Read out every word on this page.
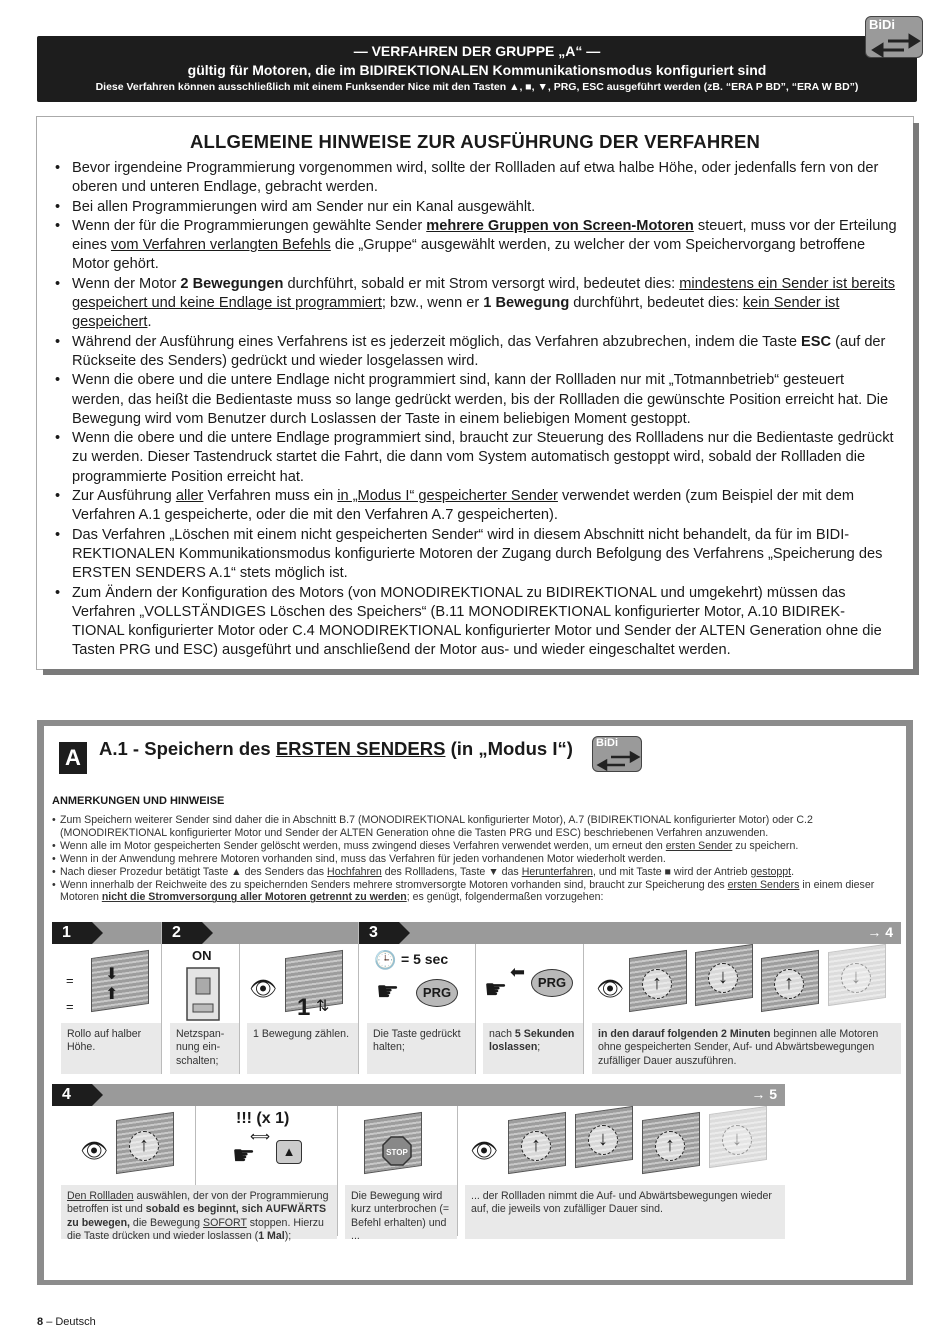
— VERFAHREN DER GRUPPE „A“ —
gültig für Motoren, die im BIDIREKTIONALEN Kommunikationsmodus konfiguriert sind
Diese Verfahren können ausschließlich mit einem Funksender Nice mit den Tasten ▲, ■, ▼, PRG, ESC ausgeführt werden (zB. “ERA P BD”, “ERA W BD”)
BiDi
ALLGEMEINE HINWEISE ZUR AUSFÜHRUNG DER VERFAHREN
• Bevor irgendeine Programmierung vorgenommen wird, sollte der Rollladen auf etwa halbe Höhe, oder jedenfalls fern von der oberen und unteren Endlage, gebracht werden.
• Bei allen Programmierungen wird am Sender nur ein Kanal ausgewählt.
• Wenn der für die Programmierungen gewählte Sender mehrere Gruppen von Screen-Motoren steuert, muss vor der Erteilung eines vom Verfahren verlangten Befehls die „Gruppe“ ausgewählt werden, zu welcher der vom Speichervorgang betroffene Motor gehört.
• Wenn der Motor 2 Bewegungen durchführt, sobald er mit Strom versorgt wird, bedeutet dies: mindestens ein Sender ist bereits gespeichert und keine Endlage ist programmiert; bzw., wenn er 1 Bewegung durchführt, bedeutet dies: kein Sender ist gespeichert.
• Während der Ausführung eines Verfahrens ist es jederzeit möglich, das Verfahren abzubrechen, indem die Taste ESC (auf der Rückseite des Senders) gedrückt und wieder losgelassen wird.
• Wenn die obere und die untere Endlage nicht programmiert sind, kann der Rollladen nur mit „Totmannbetrieb“ gesteuert werden, das heißt die Bedientaste muss so lange gedrückt werden, bis der Rollladen die gewünschte Position erreicht hat. Die Bewegung wird vom Benutzer durch Loslassen der Taste in einem beliebigen Moment gestoppt.
• Wenn die obere und die untere Endlage programmiert sind, braucht zur Steuerung des Rollladens nur die Bedientaste gedrückt zu werden. Dieser Tastendruck startet die Fahrt, die dann vom System automatisch gestoppt wird, sobald der Rollladen die programmierte Position erreicht hat.
• Zur Ausführung aller Verfahren muss ein in „Modus I“ gespeicherter Sender verwendet werden (zum Beispiel der mit dem Verfahren A.1 gespeicherte, oder die mit den Verfahren A.7 gespeicherten).
• Das Verfahren „Löschen mit einem nicht gespeicherten Sender“ wird in diesem Abschnitt nicht behandelt, da für im BIDI-REKTIONALEN Kommunikationsmodus konfigurierte Motoren der Zugang durch Befolgung des Verfahrens „Speicherung des ERSTEN SENDERS A.1“ stets möglich ist.
• Zum Ändern der Konfiguration des Motors (von MONODIREKTIONAL zu BIDIREKTIONAL und umgekehrt) müssen das Verfahren „VOLLSTÄNDIGES Löschen des Speichers“ (B.11 MONODIREKTIONAL konfigurierter Motor, A.10 BIDIREK-TIONAL konfigurierter Motor oder C.4 MONODIREKTIONAL konfigurierter Motor und Sender der ALTEN Generation ohne die Tasten PRG und ESC) ausgeführt und anschließend der Motor aus- und wieder eingeschaltet werden.
A A.1 - Speichern des ERSTEN SENDERS (in „Modus I“) BiDi
ANMERKUNGEN UND HINWEISE
• Zum Speichern weiterer Sender sind daher die in Abschnitt B.7 (MONODIREKTIONAL konfigurierter Motor), A.7 (BIDIREKTIONAL konfigurierter Motor) oder C.2 (MONODIREKTIONAL konfigurierter Motor und Sender der ALTEN Generation ohne die Tasten PRG und ESC) beschriebenen Verfahren anzuwenden.
• Wenn alle im Motor gespeicherten Sender gelöscht werden, muss zwingend dieses Verfahren verwendet werden, um erneut den ersten Sender zu speichern.
• Wenn in der Anwendung mehrere Motoren vorhanden sind, muss das Verfahren für jeden vorhandenen Motor wiederholt werden.
• Nach dieser Prozedur betätigt Taste ▲ des Senders das Hochfahren des Rollladens, Taste ▼ das Herunterfahren, und mit Taste ■ wird der Antrieb gestoppt.
• Wenn innerhalb der Reichweite des zu speichernden Senders mehrere stromversorgte Motoren vorhanden sind, braucht zur Speicherung des ersten Senders in einem dieser Motoren nicht die Stromversorgung aller Motoren getrennt zu werden; es genügt, folgendermaßen vorzugehen:
1	2	3	→ 4
⬇
⬆
=

=
ON
👁
1 ⇅
🕒 = 5 sec
☛	PRG
⬅
☛	PRG	👁	↑	↓	↑	↓
Rollo auf halber Höhe.
Netzspan-nung ein-schalten;
1 Bewegung zählen.	Die Taste gedrückt halten;
nach 5 Sekunden loslassen;
in den darauf folgenden 2 Minuten beginnen alle Motoren ohne gespeicherten Sender, Auf- und Abwärtsbewegungen zufälliger Dauer auszuführen.
4	→ 5
👁	↑
!!! (x 1)
⟺
☛	▲	STOP	👁	↑	↓	↑	↓
Den Rollladen auswählen, der von der Programmierung betroffen ist und sobald es beginnt, sich AUFWÄRTS zu bewegen, die Bewegung SOFORT stoppen. Hierzu die Taste drücken und wieder loslassen (1 Mal);
Die Bewegung wird kurz unterbrochen (= Befehl erhalten) und ...
... der Rollladen nimmt die Auf- und Abwärtsbewegungen wieder auf, die jeweils von zufälliger Dauer sind.
8 – Deutsch
